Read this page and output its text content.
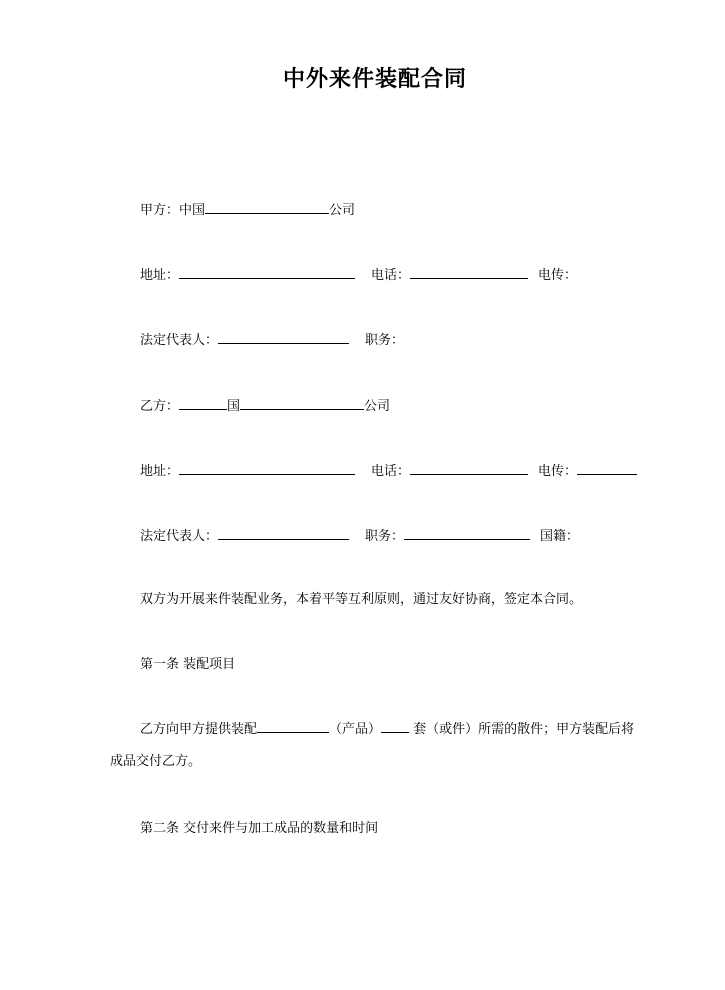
中外来件装配合同
甲方：中国	公司
地址：	电话：	电传：
法定代表人：	职务：
乙方：	国	公司
地址：	电话：	电传：
法定代表人：	职务：	国籍：
双方为开展来件装配业务，本着平等互利原则，通过友好协商，签定本合同。
第一条 装配项目
乙方向甲方提供装配	（产品） 套（或件）所需的散件；甲方装配后将成品交付乙方。
第二条 交付来件与加工成品的数量和时间
